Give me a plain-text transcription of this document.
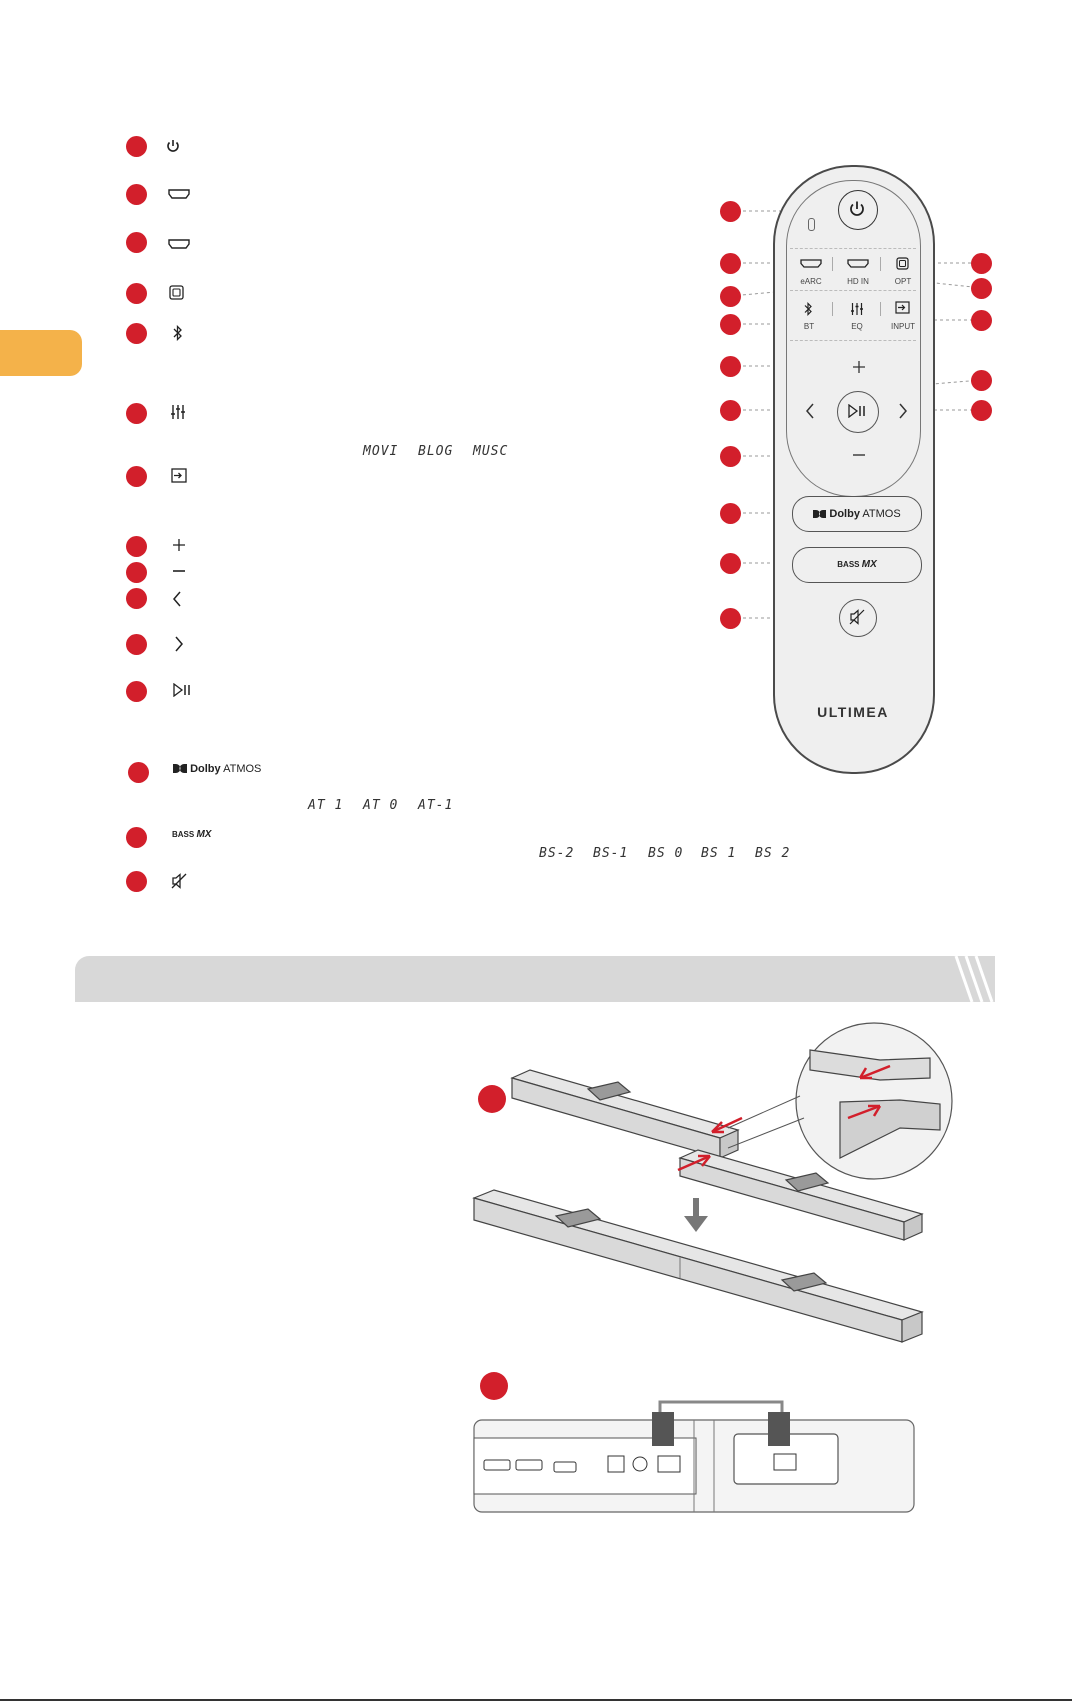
MOVI BLOG MUSC
Dolby ATMOS
AT 1 AT 0 AT-1
BASS MX
BS-2 BS-1 BS 0 BS 1 BS 2
eARC	HD IN	OPT
BT	EQ	INPUT
Dolby ATMOS
BASS MX
ULTIMEA
